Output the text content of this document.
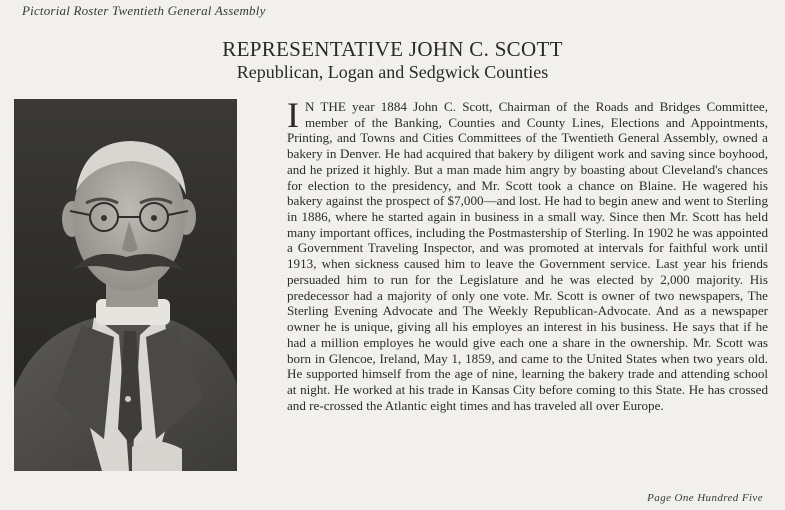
Pictorial Roster Twentieth General Assembly
REPRESENTATIVE JOHN C. SCOTT
Republican, Logan and Sedgwick Counties
I N THE year 1884 John C. Scott, Chairman of the Roads and Bridges Committee, member of the Banking, Counties and County Lines, Elections and Appointments, Printing, and Towns and Cities Committees of the Twentieth General Assembly, owned a bakery in Denver. He had acquired that bakery by diligent work and saving since boyhood, and he prized it highly. But a man made him angry by boasting about Cleveland's chances for election to the presidency, and Mr. Scott took a chance on Blaine. He wagered his bakery against the prospect of $7,000—and lost. He had to begin anew and went to Sterling in 1886, where he started again in business in a small way. Since then Mr. Scott has held many important offices, including the Postmastership of Sterling. In 1902 he was appointed a Government Traveling Inspector, and was promoted at intervals for faithful work until 1913, when sickness caused him to leave the Government service. Last year his friends persuaded him to run for the Legislature and he was elected by 2,000 majority. His predecessor had a majority of only one vote. Mr. Scott is owner of two newspapers, The Sterling Evening Advocate and The Weekly Republican-Advocate. And as a newspaper owner he is unique, giving all his employes an interest in his business. He says that if he had a million employes he would give each one a share in the ownership. Mr. Scott was born in Glencoe, Ireland, May 1, 1859, and came to the United States when two years old. He supported himself from the age of nine, learning the bakery trade and attending school at night. He worked at his trade in Kansas City before coming to this State. He has crossed and re-crossed the Atlantic eight times and has traveled all over Europe.
Page One Hundred Five
